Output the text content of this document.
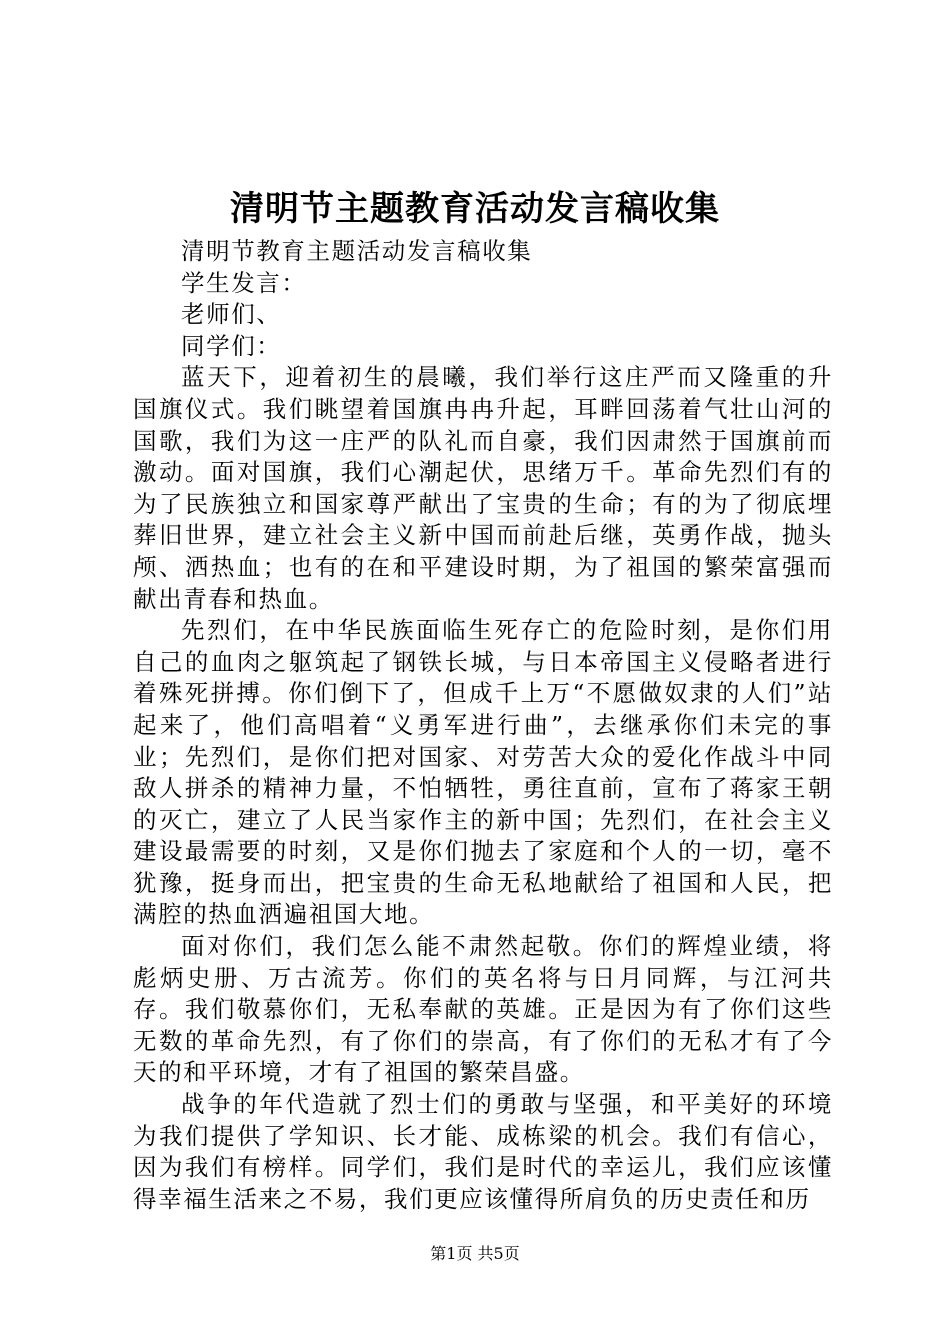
清明节主题教育活动发言稿收集

清明节教育主题活动发言稿收集

学生发言：

老师们、

同学们：

蓝天下，迎着初生的晨曦，我们举行这庄严而又隆重的升国旗仪式。我们眺望着国旗冉冉升起，耳畔回荡着气壮山河的国歌，我们为这一庄严的队礼而自豪，我们因肃然于国旗前而激动。面对国旗，我们心潮起伏，思绪万千。革命先烈们有的为了民族独立和国家尊严献出了宝贵的生命；有的为了彻底埋葬旧世界，建立社会主义新中国而前赴后继，英勇作战，抛头颅、洒热血；也有的在和平建设时期，为了祖国的繁荣富强而献出青春和热血。

先烈们，在中华民族面临生死存亡的危险时刻，是你们用自己的血肉之躯筑起了钢铁长城，与日本帝国主义侵略者进行着殊死拼搏。你们倒下了，但成千上万“不愿做奴隶的人们”站起来了，他们高唱着“义勇军进行曲”，去继承你们未完的事业；先烈们，是你们把对国家、对劳苦大众的爱化作战斗中同敌人拼杀的精神力量，不怕牺牲，勇往直前，宣布了蒋家王朝的灭亡，建立了人民当家作主的新中国；先烈们，在社会主义建设最需要的时刻，又是你们抛去了家庭和个人的一切，毫不犹豫，挺身而出，把宝贵的生命无私地献给了祖国和人民，把满腔的热血洒遍祖国大地。

面对你们，我们怎么能不肃然起敬。你们的辉煌业绩，将彪炳史册、万古流芳。你们的英名将与日月同辉，与江河共存。我们敬慕你们，无私奉献的英雄。正是因为有了你们这些无数的革命先烈，有了你们的崇高，有了你们的无私才有了今天的和平环境，才有了祖国的繁荣昌盛。

战争的年代造就了烈士们的勇敢与坚强，和平美好的环境为我们提供了学知识、长才能、成栋梁的机会。我们有信心，因为我们有榜样。同学们，我们是时代的幸运儿，我们应该懂得幸福生活来之不易，我们更应该懂得所肩负的历史责任和历

第1页 共5页
